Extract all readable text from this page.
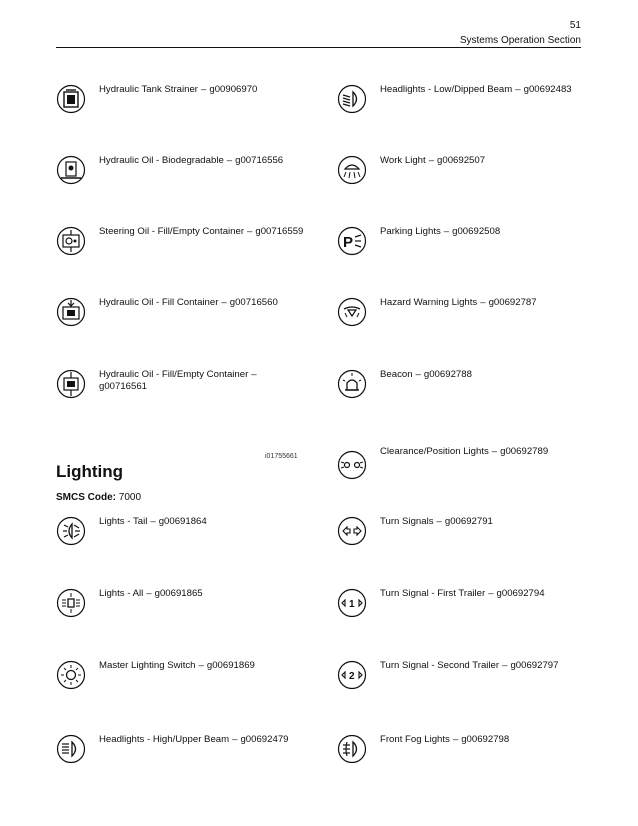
51
Systems Operation Section
Hydraulic Tank Strainer – g00906970
Hydraulic Oil - Biodegradable – g00716556
Steering Oil - Fill/Empty Container – g00716559
Hydraulic Oil - Fill Container – g00716560
Hydraulic Oil - Fill/Empty Container –g00716561
i01755661
Lighting
SMCS Code: 7000
Lights - Tail – g00691864
Lights - All – g00691865
Master Lighting Switch – g00691869
Headlights - High/Upper Beam – g00692479
Headlights - Low/Dipped Beam – g00692483
Work Light – g00692507
P
Parking Lights – g00692508
Hazard Warning Lights – g00692787
Beacon – g00692788
Clearance/Position Lights – g00692789
Turn Signals – g00692791
1
Turn Signal - First Trailer – g00692794
2
Turn Signal - Second Trailer – g00692797
Front Fog Lights – g00692798
